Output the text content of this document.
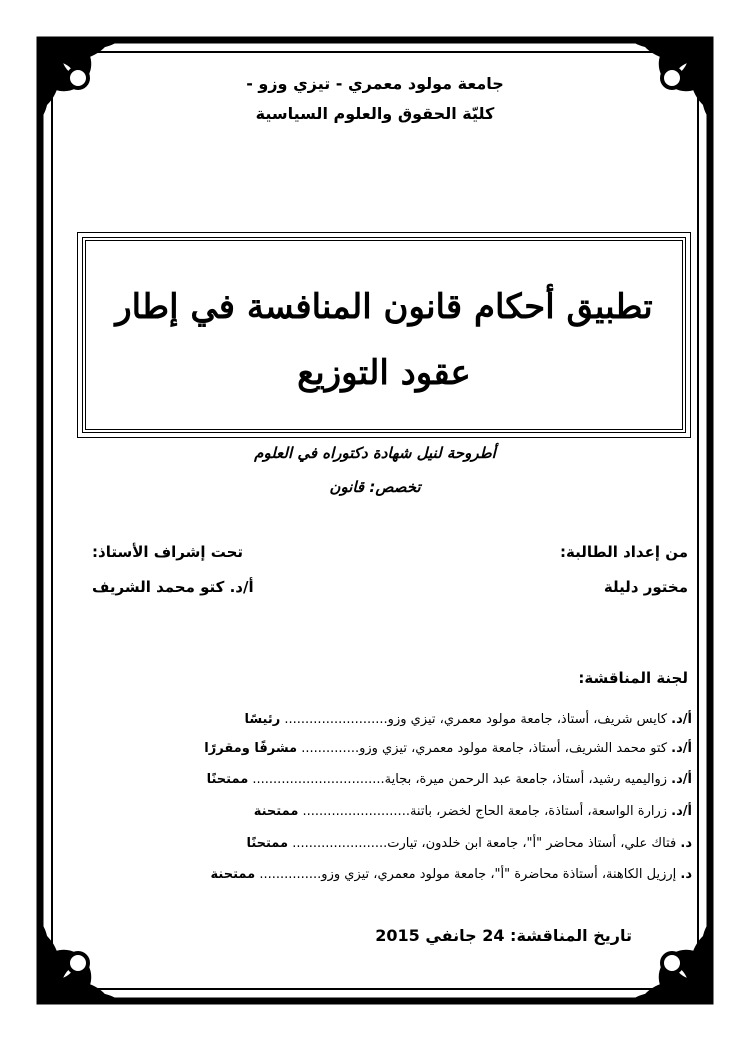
جامعة مولود معمري - تيزي وزو -
كليّة الحقوق والعلوم السياسية
تطبيق أحكام قانون المنافسة في إطار
عقود التوزيع
أطروحة لنيل شهادة دكتوراه في العلوم
تخصص: قانون
من إعداد الطالبة:
مختور دليلة
تحت إشراف الأستاذ:
أ/د. كتو محمد الشريف
لجنة المناقشة:
أ/د. كايس شريف، أستاذ، جامعة مولود معمري، تيزي وزو......................... رئيسًا
أ/د. كتو محمد الشريف، أستاذ، جامعة مولود معمري، تيزي وزو.............. مشرفًا ومقررًا
أ/د. زواليميه رشيد، أستاذ، جامعة عبد الرحمن ميرة، بجاية................................ ممتحنًا
أ/د. زرارة الواسعة، أستاذة، جامعة الحاج لخضر، باتنة.......................... ممتحنة
د. فتاك علي، أستاذ محاضر "أ"، جامعة ابن خلدون، تيارت....................... ممتحنًا
د. إرزيل الكاهنة، أستاذة محاضرة "أ"، جامعة مولود معمري، تيزي وزو............... ممتحنة
تاريخ المناقشة: 24 جانفي 2015
